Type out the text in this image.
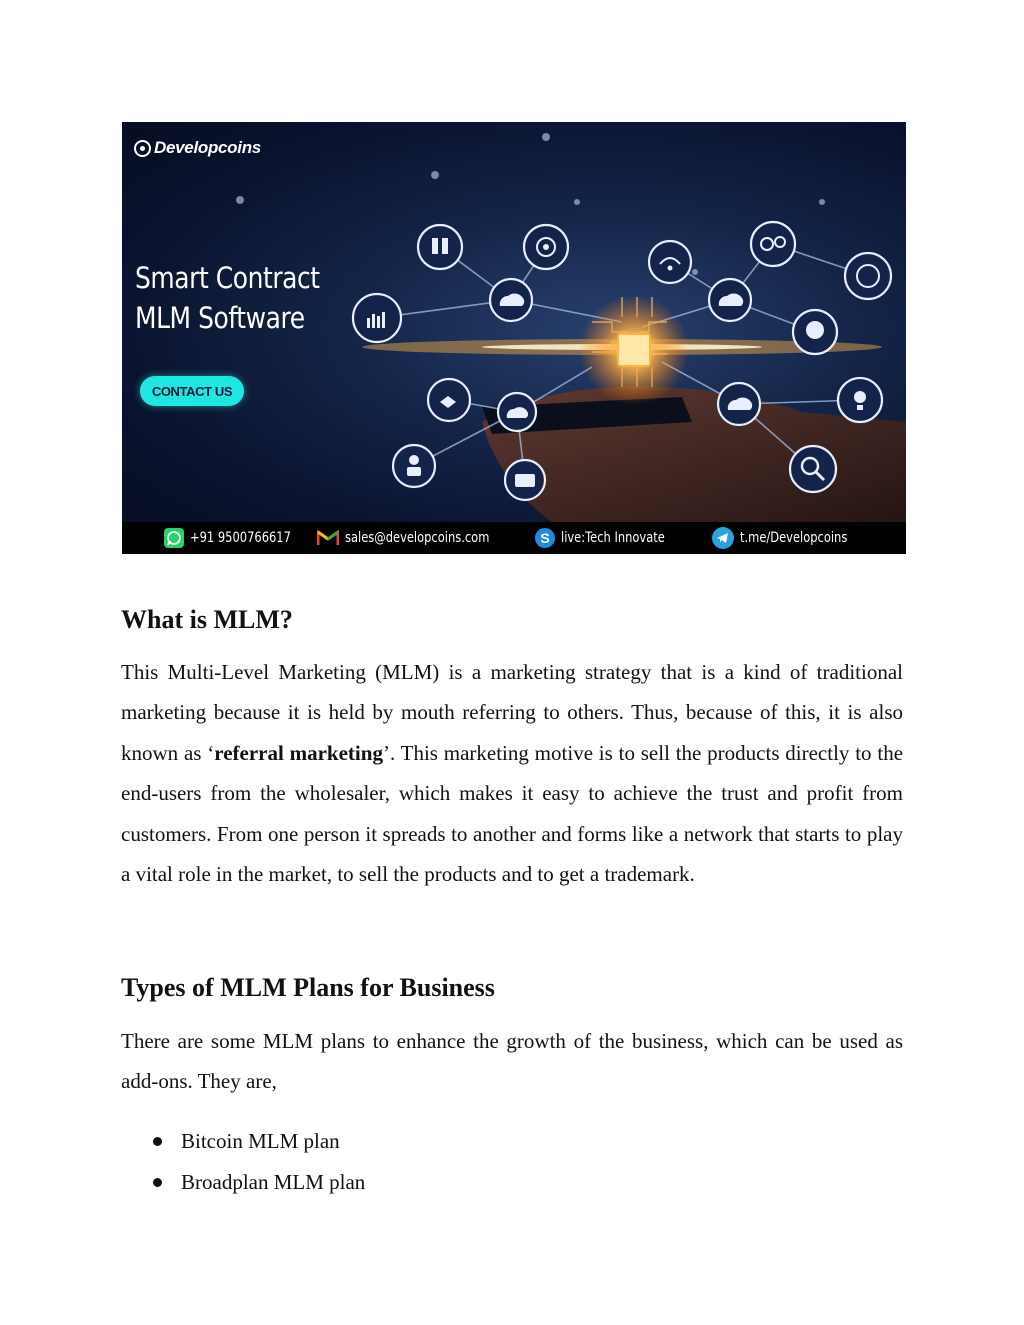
Developcoins
Smart Contract
MLM Software
CONTACT US
+91 9500766617	sales@developcoins.com	S live:Tech Innovate	t.me/Developcoins
What is MLM?

This Multi-Level Marketing (MLM) is a marketing strategy that is a kind of traditional marketing because it is held by mouth referring to others. Thus, because of this, it is also known as ‘referral marketing’. This marketing motive is to sell the products directly to the end-users from the wholesaler, which makes it easy to achieve the trust and profit from customers. From one person it spreads to another and forms like a network that starts to play a vital role in the market, to sell the products and to get a trademark.

Types of MLM Plans for Business

There are some MLM plans to enhance the growth of the business, which can be used as add-ons. They are,

Bitcoin MLM plan
Broadplan MLM plan
